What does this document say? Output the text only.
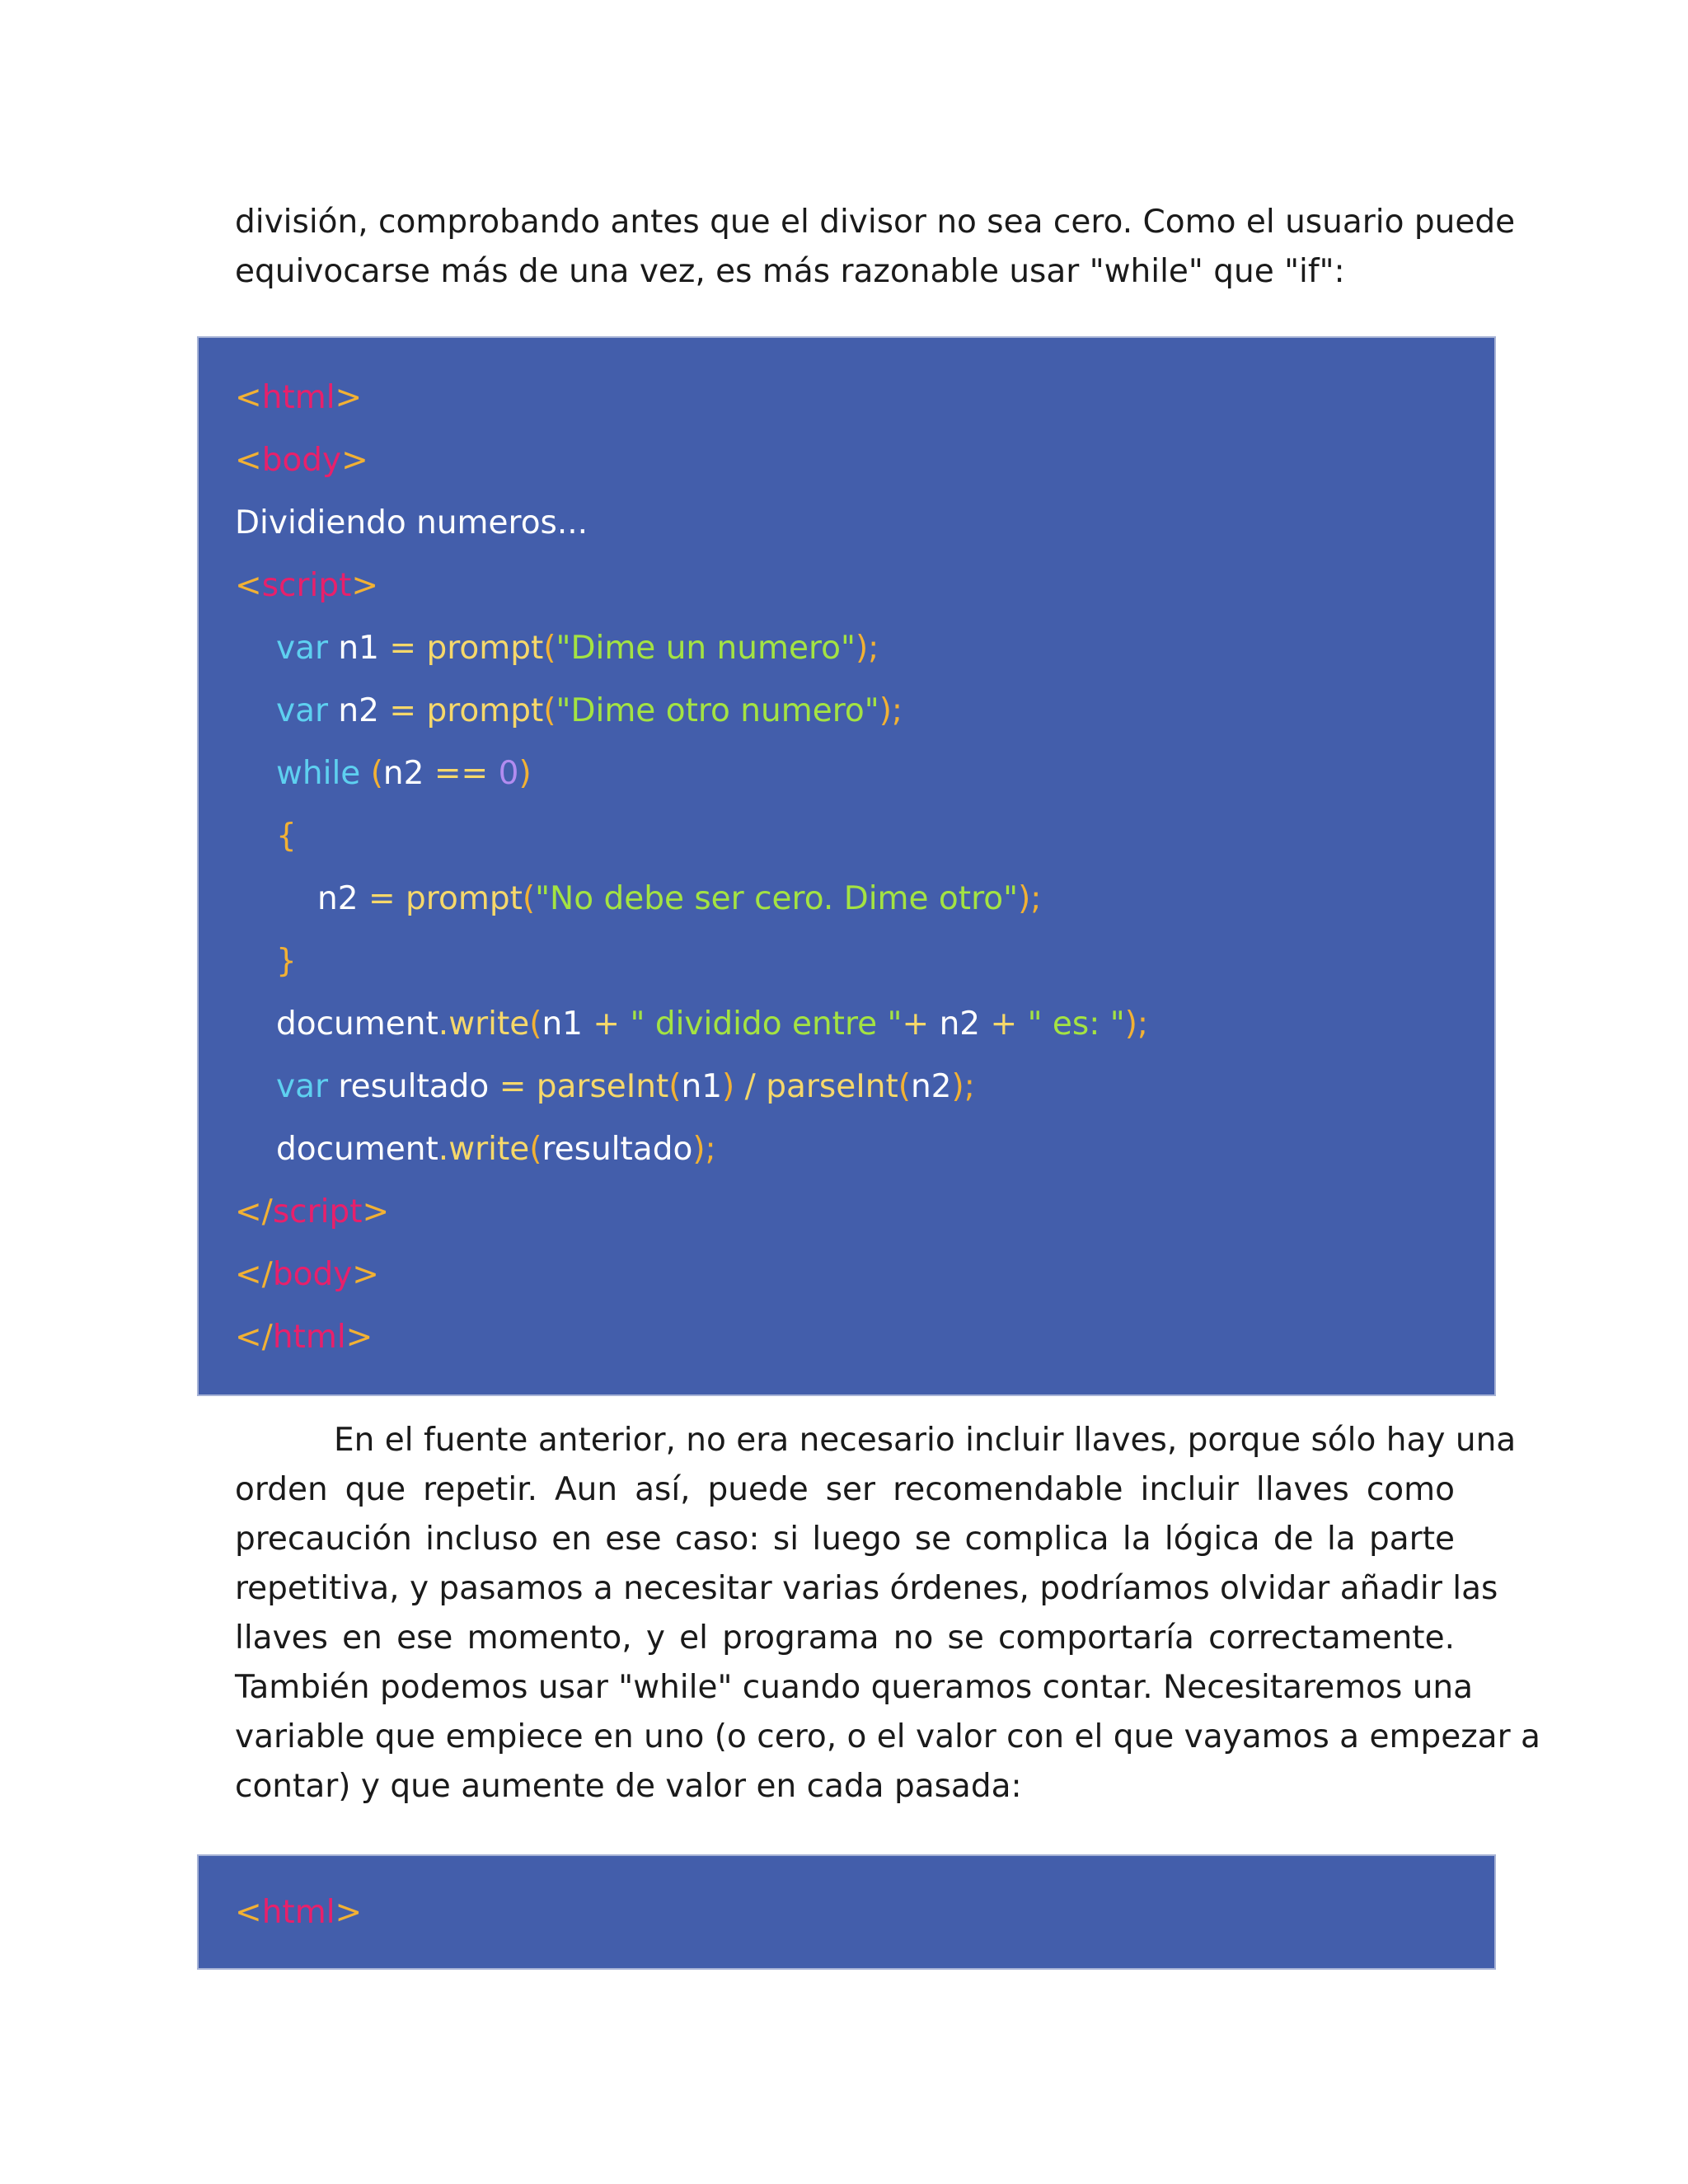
división, comprobando antes que el divisor no sea cero. Como el usuario puede
equivocarse más de una vez, es más razonable usar "while" que "if":
<html>
<body>
Dividiendo numeros...
<script>
var n1 = prompt("Dime un numero");
var n2 = prompt("Dime otro numero");
while (n2 == 0)
{
n2 = prompt("No debe ser cero. Dime otro");
}
document.write(n1 + " dividido entre "+ n2 + " es: ");
var resultado = parseInt(n1) / parseInt(n2);
document.write(resultado);
</script>
</body>
</html>
En el fuente anterior, no era necesario incluir llaves, porque sólo hay una
orden que repetir. Aun así, puede ser recomendable incluir llaves como
precaución incluso en ese caso: si luego se complica la lógica de la parte
repetitiva, y pasamos a necesitar varias órdenes, podríamos olvidar añadir las
llaves en ese momento, y el programa no se comportaría correctamente.
También podemos usar "while" cuando queramos contar. Necesitaremos una
variable que empiece en uno (o cero, o el valor con el que vayamos a empezar a
contar) y que aumente de valor en cada pasada:
<html>
